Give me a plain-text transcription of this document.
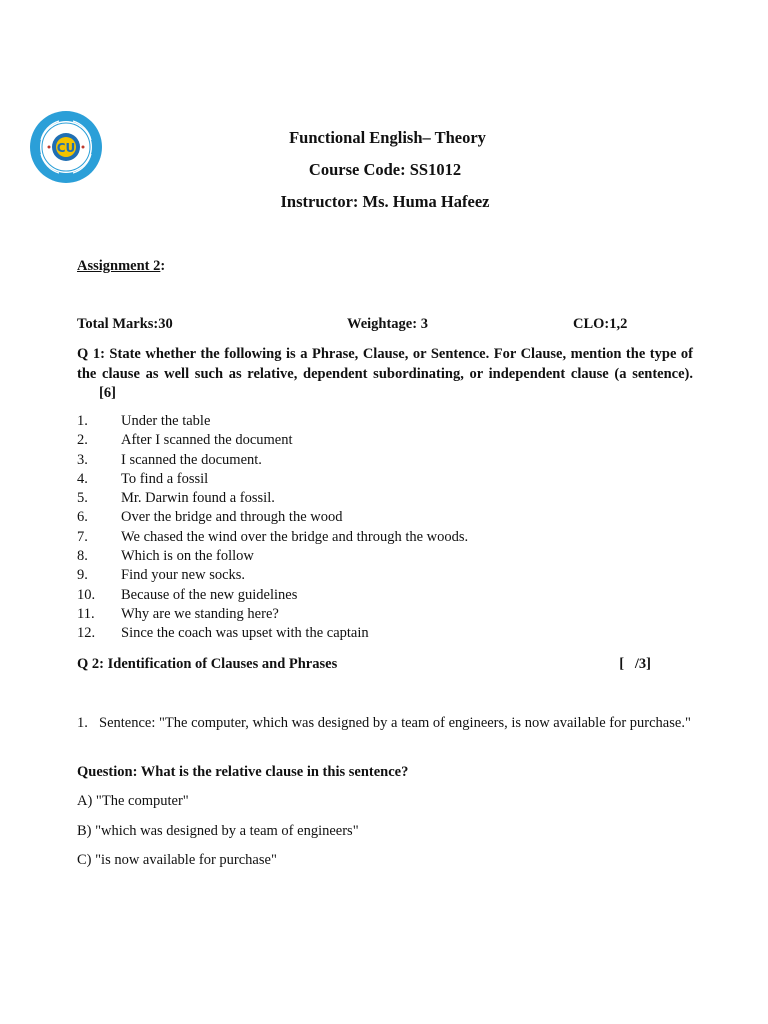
CU
Functional English– Theory
Course Code: SS1012
Instructor: Ms. Huma Hafeez
Assignment 2:
Total Marks:30	Weightage: 3	CLO:1,2
Q 1: State whether the following is a Phrase, Clause, or Sentence. For Clause, mention the type of the clause as well such as relative, dependent subordinating, or independent clause (a sentence).[6]
1. Under the table
2. After I scanned the document
3. I scanned the document.
4. To find a fossil
5. Mr. Darwin found a fossil.
6. Over the bridge and through the wood
7. We chased the wind over the bridge and through the woods.
8. Which is on the follow
9. Find your new socks.
10. Because of the new guidelines
11. Why are we standing here?
12. Since the coach was upset with the captain
Q 2: Identification of Clauses and Phrases	[   /3]
1. Sentence: "The computer, which was designed by a team of engineers, is now available for purchase."
Question: What is the relative clause in this sentence?
A) "The computer"
B) "which was designed by a team of engineers"
C) "is now available for purchase"
